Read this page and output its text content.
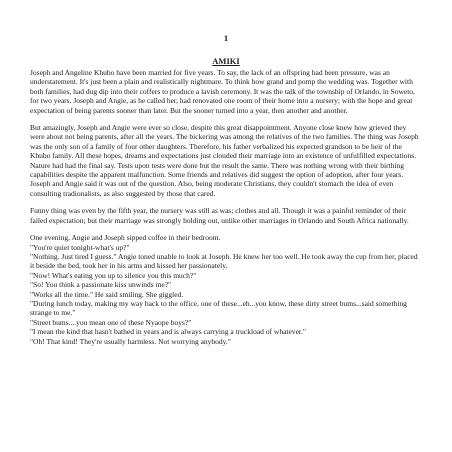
1
AMIKI

Joseph and Angeline Khubo have been married for five years. To say, the lack of an offspring had been pressure, was an understatement. It's just been a plain and realistically nightmare. To think how grand and pomp the wedding was. Together with both families, had dug dip into their coffers to produce a lavish ceremony. It was the talk of the township of Orlando, in Soweto, for two years. Joseph and Angie, as he called her, had renovated one room of their home into a nursery; with the hope and great expectation of being parents sooner than later. But the sooner turned into a year, then another and another.

But amazingly, Joseph and Angie were ever so close, despite this great disappointment. Anyone close knew how grieved they were about not being parents, after all the years. The bickering was among the relatives of the two families. The thing was Joseph was the only son of a family of four other daughters. Therefore, his father verbalized his expected grandson to be heir of the Khubo family. All these hopes, dreams and expectations just clouded their marriage into an existence of unfulfilled expectations. Nature had had the final say. Tests upon tests were done but the result the same. There was nothing wrong with their birthing capabilities despite the apparent malfunction. Some friends and relatives did suggest the option of adoption, after four years. Joseph and Angie said it was out of the question. Also, being moderate Christians, they couldn't stomach the idea of even consulting tradionalists, as also suggested by those that cared.

Funny thing was even by the fifth year, the nursery was still as was; clothes and all. Though it was a painful reminder of their failed expectation; but their marriage was strongly holding out, unlike other marriages in Orlando and South Africa nationally.

One evening, Angie and Joseph sipped coffee in their bedroom.

"You're quiet tonight-what's up?"

"Nothing. Just tired I guess." Angie toned unable to look at Joseph. He knew her too well. He took away the cup from her, placed it beside the bed, took her in his arms and kissed her passionately.

"Now! What's eating you up to silence you this much?"

"So! You think a passionate kiss unwinds me?"

"Works all the time." He said smiling. She giggled.

"During lunch today, making my way back to the office, one of these...eh...you know, these dirty street bums...said something strange to me."

"Street bums....you mean one of these Nyaope boys?"

"I mean the kind that hasn't bathed in years and is always carrying a truckload of whatever."

"Oh! That kind! They're usually harmless. Not worrying anybody."
